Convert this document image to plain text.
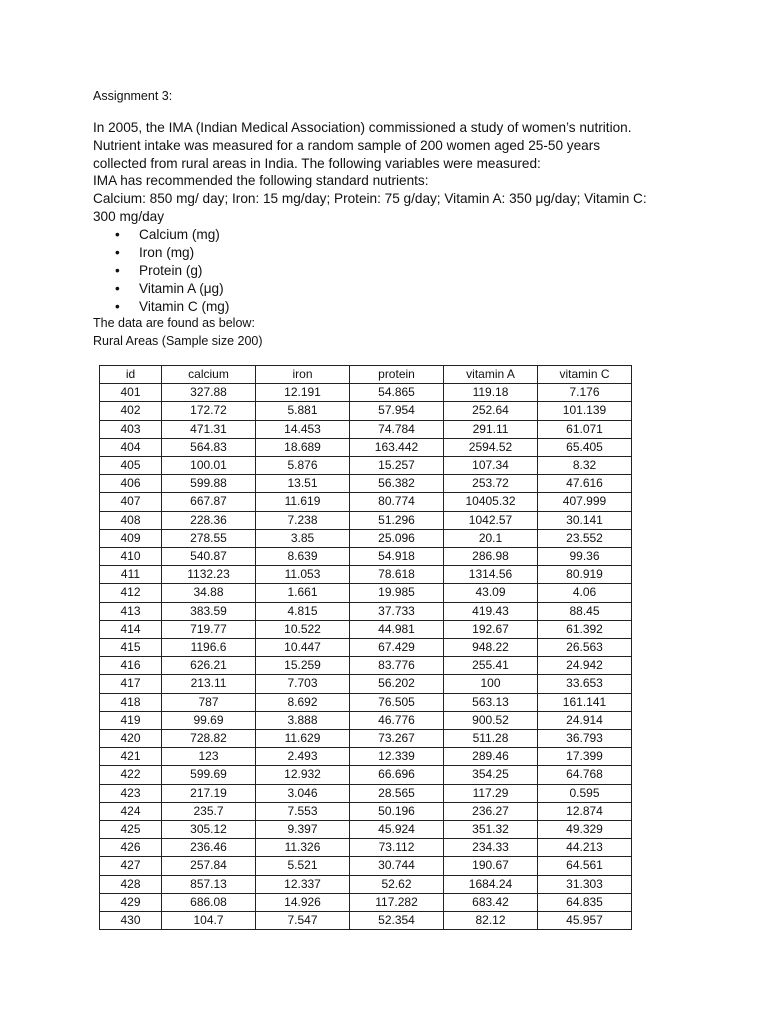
Assignment 3:
In 2005, the IMA (Indian Medical Association) commissioned a study of women’s nutrition.
Nutrient intake was measured for a random sample of 200 women aged 25-50 years
collected from rural areas in India. The following variables were measured:
IMA has recommended the following standard nutrients:
Calcium: 850 mg/ day; Iron: 15 mg/day; Protein: 75 g/day; Vitamin A: 350 μg/day; Vitamin C:
300 mg/day
• Calcium (mg)
• Iron (mg)
• Protein (g)
• Vitamin A (μg)
• Vitamin C (mg)
The data are found as below:
Rural Areas (Sample size 200)
id	calcium	iron	protein	vitamin A	vitamin C
401	327.88	12.191	54.865	119.18	7.176
402	172.72	5.881	57.954	252.64	101.139
403	471.31	14.453	74.784	291.11	61.071
404	564.83	18.689	163.442	2594.52	65.405
405	100.01	5.876	15.257	107.34	8.32
406	599.88	13.51	56.382	253.72	47.616
407	667.87	11.619	80.774	10405.32	407.999
408	228.36	7.238	51.296	1042.57	30.141
409	278.55	3.85	25.096	20.1	23.552
410	540.87	8.639	54.918	286.98	99.36
411	1132.23	11.053	78.618	1314.56	80.919
412	34.88	1.661	19.985	43.09	4.06
413	383.59	4.815	37.733	419.43	88.45
414	719.77	10.522	44.981	192.67	61.392
415	1196.6	10.447	67.429	948.22	26.563
416	626.21	15.259	83.776	255.41	24.942
417	213.11	7.703	56.202	100	33.653
418	787	8.692	76.505	563.13	161.141
419	99.69	3.888	46.776	900.52	24.914
420	728.82	11.629	73.267	511.28	36.793
421	123	2.493	12.339	289.46	17.399
422	599.69	12.932	66.696	354.25	64.768
423	217.19	3.046	28.565	117.29	0.595
424	235.7	7.553	50.196	236.27	12.874
425	305.12	9.397	45.924	351.32	49.329
426	236.46	11.326	73.112	234.33	44.213
427	257.84	5.521	30.744	190.67	64.561
428	857.13	12.337	52.62	1684.24	31.303
429	686.08	14.926	117.282	683.42	64.835
430	104.7	7.547	52.354	82.12	45.957
